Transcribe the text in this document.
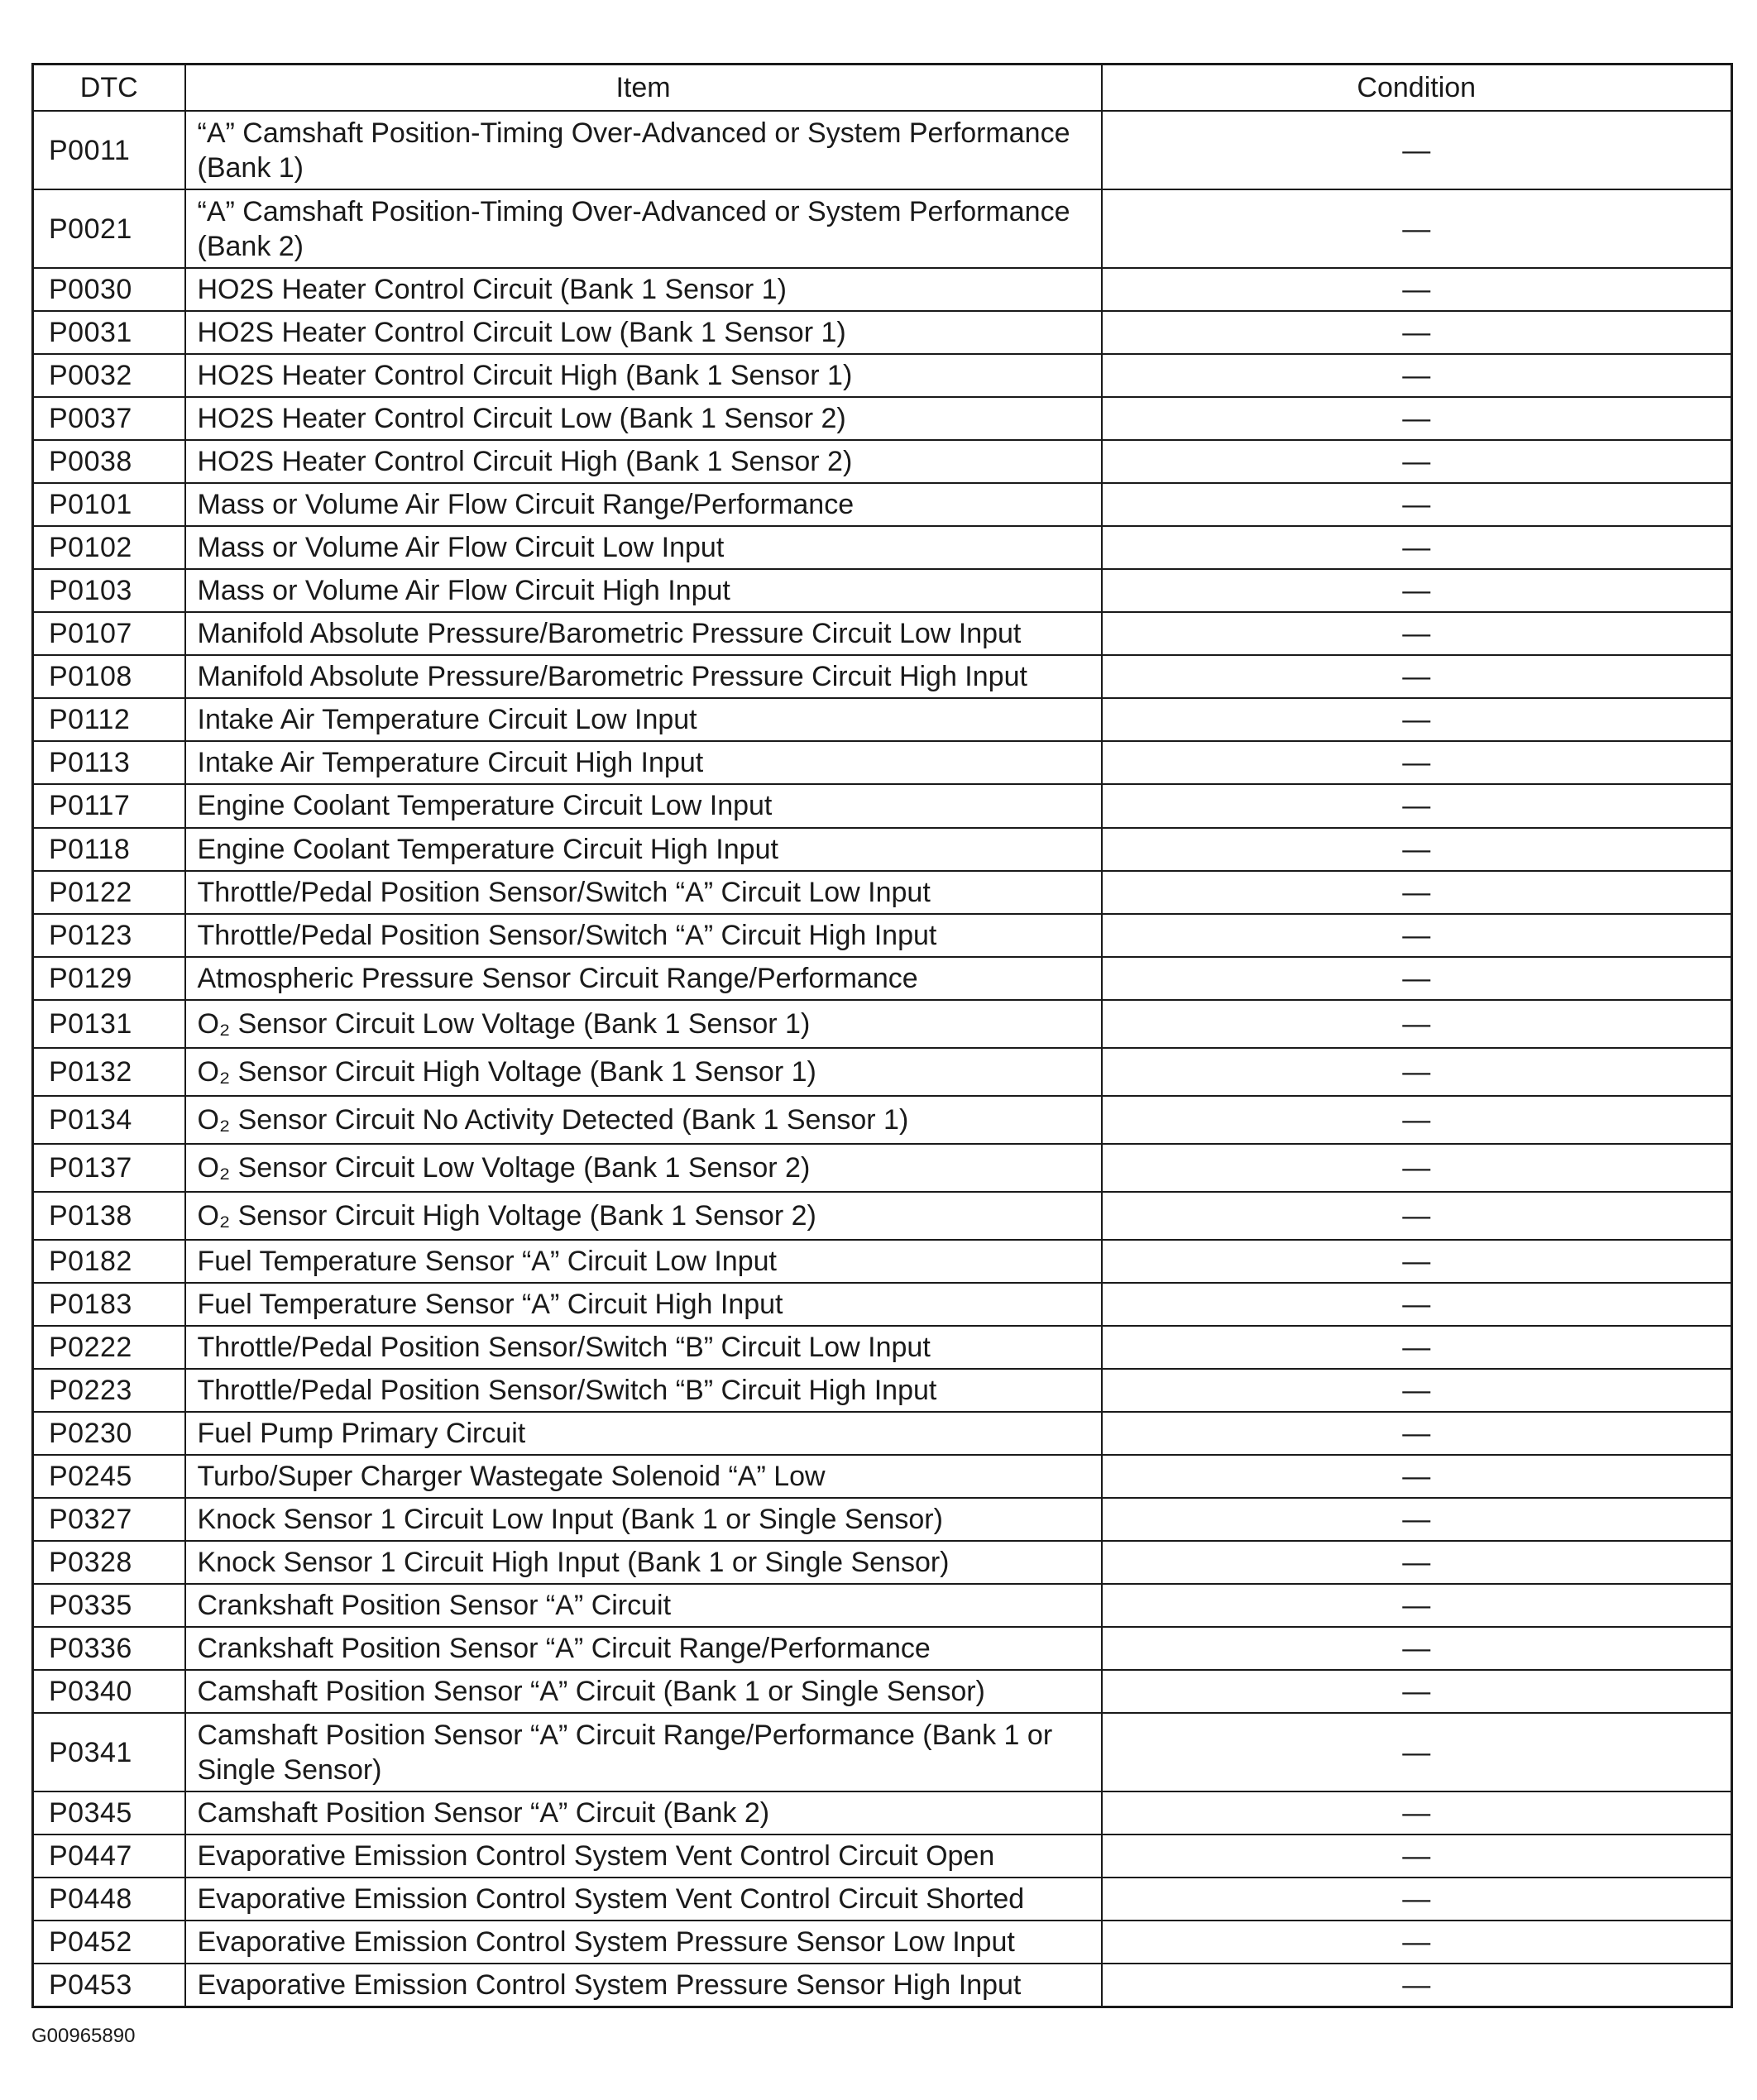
DTC	Item	Condition
P0011	“A” Camshaft Position-Timing Over-Advanced or System Performance (Bank 1)	—
P0021	“A” Camshaft Position-Timing Over-Advanced or System Performance (Bank 2)	—
P0030	HO2S Heater Control Circuit (Bank 1 Sensor 1)	—
P0031	HO2S Heater Control Circuit Low (Bank 1 Sensor 1)	—
P0032	HO2S Heater Control Circuit High (Bank 1 Sensor 1)	—
P0037	HO2S Heater Control Circuit Low (Bank 1 Sensor 2)	—
P0038	HO2S Heater Control Circuit High (Bank 1 Sensor 2)	—
P0101	Mass or Volume Air Flow Circuit Range/Performance	—
P0102	Mass or Volume Air Flow Circuit Low Input	—
P0103	Mass or Volume Air Flow Circuit High Input	—
P0107	Manifold Absolute Pressure/Barometric Pressure Circuit Low Input	—
P0108	Manifold Absolute Pressure/Barometric Pressure Circuit High Input	—
P0112	Intake Air Temperature Circuit Low Input	—
P0113	Intake Air Temperature Circuit High Input	—
P0117	Engine Coolant Temperature Circuit Low Input	—
P0118	Engine Coolant Temperature Circuit High Input	—
P0122	Throttle/Pedal Position Sensor/Switch “A” Circuit Low Input	—
P0123	Throttle/Pedal Position Sensor/Switch “A” Circuit High Input	—
P0129	Atmospheric Pressure Sensor Circuit Range/Performance	—
P0131	O₂ Sensor Circuit Low Voltage (Bank 1 Sensor 1)	—
P0132	O₂ Sensor Circuit High Voltage (Bank 1 Sensor 1)	—
P0134	O₂ Sensor Circuit No Activity Detected (Bank 1 Sensor 1)	—
P0137	O₂ Sensor Circuit Low Voltage (Bank 1 Sensor 2)	—
P0138	O₂ Sensor Circuit High Voltage (Bank 1 Sensor 2)	—
P0182	Fuel Temperature Sensor “A” Circuit Low Input	—
P0183	Fuel Temperature Sensor “A” Circuit High Input	—
P0222	Throttle/Pedal Position Sensor/Switch “B” Circuit Low Input	—
P0223	Throttle/Pedal Position Sensor/Switch “B” Circuit High Input	—
P0230	Fuel Pump Primary Circuit	—
P0245	Turbo/Super Charger Wastegate Solenoid “A” Low	—
P0327	Knock Sensor 1 Circuit Low Input (Bank 1 or Single Sensor)	—
P0328	Knock Sensor 1 Circuit High Input (Bank 1 or Single Sensor)	—
P0335	Crankshaft Position Sensor “A” Circuit	—
P0336	Crankshaft Position Sensor “A” Circuit Range/Performance	—
P0340	Camshaft Position Sensor “A” Circuit (Bank 1 or Single Sensor)	—
P0341	Camshaft Position Sensor “A” Circuit Range/Performance (Bank 1 or Single Sensor)	—
P0345	Camshaft Position Sensor “A” Circuit (Bank 2)	—
P0447	Evaporative Emission Control System Vent Control Circuit Open	—
P0448	Evaporative Emission Control System Vent Control Circuit Shorted	—
P0452	Evaporative Emission Control System Pressure Sensor Low Input	—
P0453	Evaporative Emission Control System Pressure Sensor High Input	—
G00965890
